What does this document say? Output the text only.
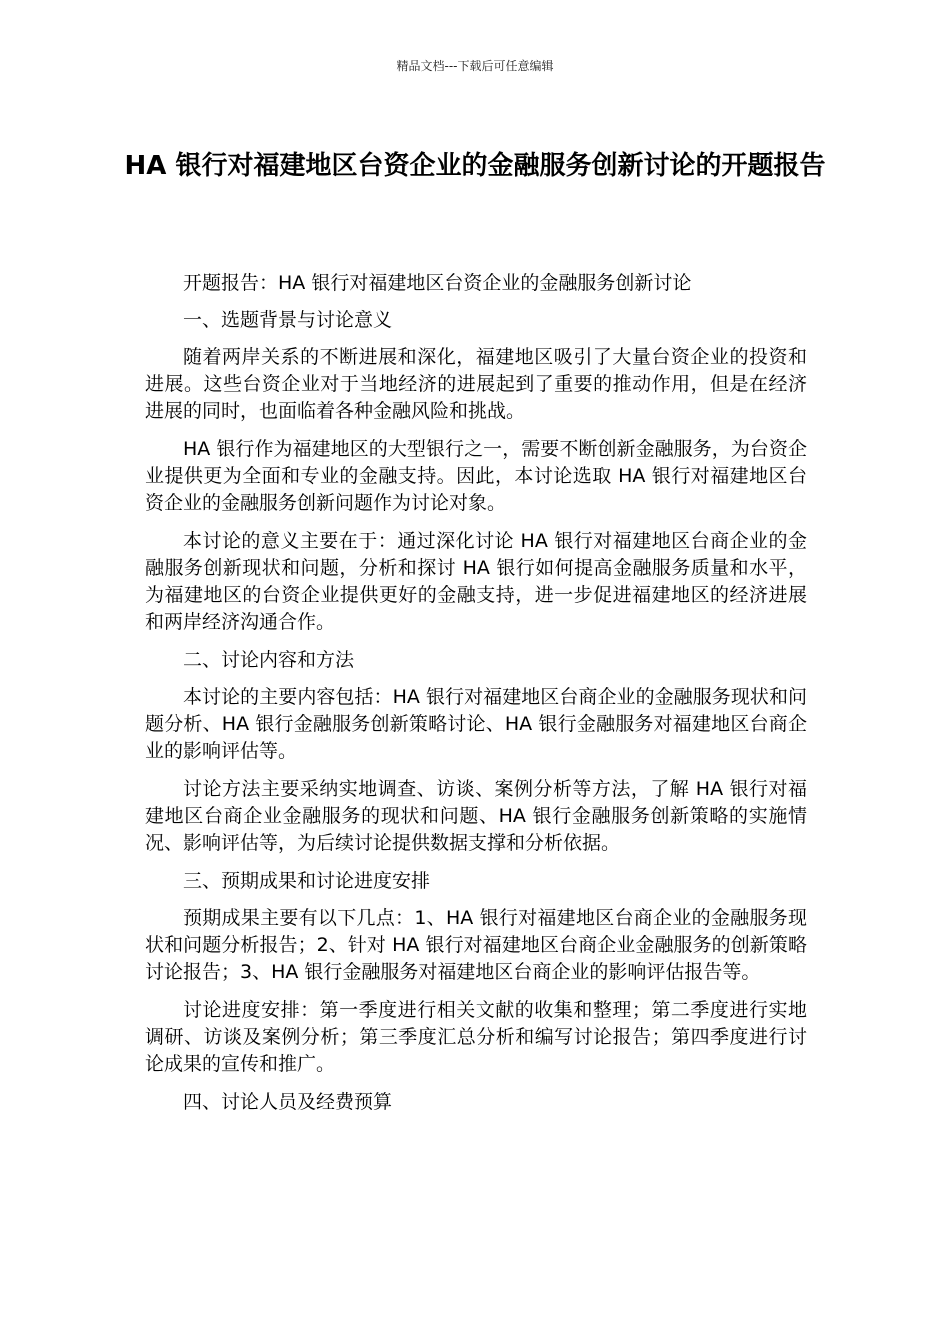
精品文档---下载后可任意编辑
HA 银行对福建地区台资企业的金融服务创新讨论的开题报告

开题报告：HA 银行对福建地区台资企业的金融服务创新讨论

一、选题背景与讨论意义

随着两岸关系的不断进展和深化，福建地区吸引了大量台资企业的投资和进展。这些台资企业对于当地经济的进展起到了重要的推动作用，但是在经济进展的同时，也面临着各种金融风险和挑战。

HA 银行作为福建地区的大型银行之一，需要不断创新金融服务，为台资企业提供更为全面和专业的金融支持。因此，本讨论选取 HA 银行对福建地区台资企业的金融服务创新问题作为讨论对象。

本讨论的意义主要在于：通过深化讨论 HA 银行对福建地区台商企业的金融服务创新现状和问题，分析和探讨 HA 银行如何提高金融服务质量和水平，为福建地区的台资企业提供更好的金融支持，进一步促进福建地区的经济进展和两岸经济沟通合作。

二、讨论内容和方法

本讨论的主要内容包括：HA 银行对福建地区台商企业的金融服务现状和问题分析、HA 银行金融服务创新策略讨论、HA 银行金融服务对福建地区台商企业的影响评估等。

讨论方法主要采纳实地调查、访谈、案例分析等方法，了解 HA 银行对福建地区台商企业金融服务的现状和问题、HA 银行金融服务创新策略的实施情况、影响评估等，为后续讨论提供数据支撑和分析依据。

三、预期成果和讨论进度安排

预期成果主要有以下几点：1、HA 银行对福建地区台商企业的金融服务现状和问题分析报告；2、针对 HA 银行对福建地区台商企业金融服务的创新策略讨论报告；3、HA 银行金融服务对福建地区台商企业的影响评估报告等。

讨论进度安排：第一季度进行相关文献的收集和整理；第二季度进行实地调研、访谈及案例分析；第三季度汇总分析和编写讨论报告；第四季度进行讨论成果的宣传和推广。

四、讨论人员及经费预算
